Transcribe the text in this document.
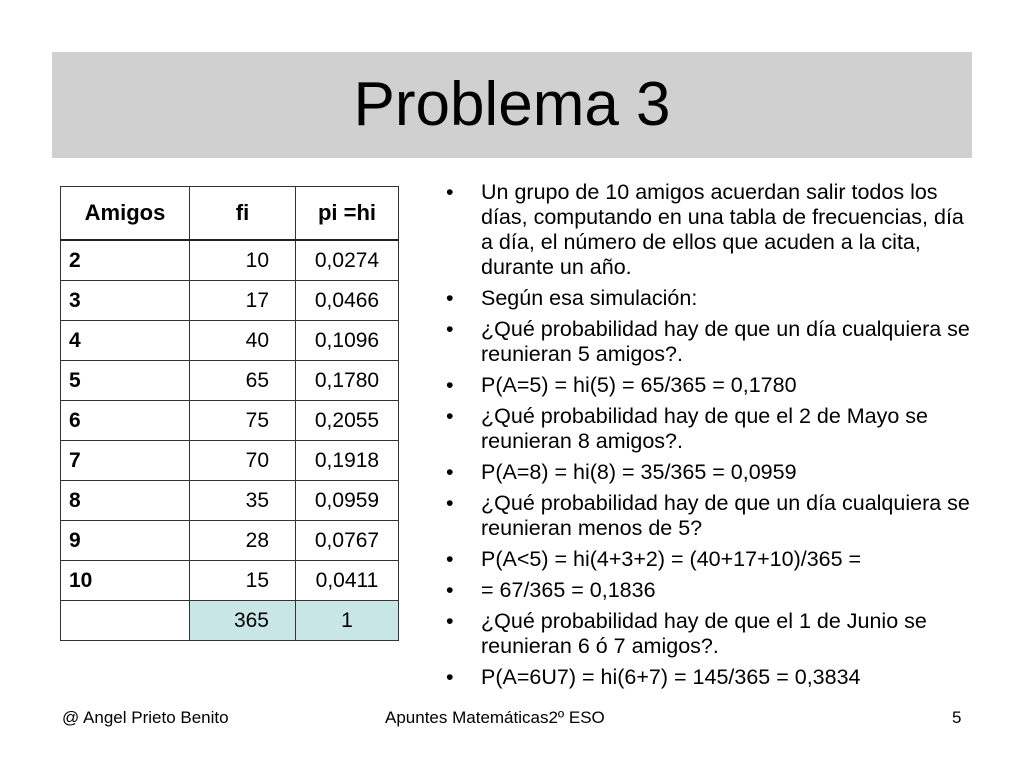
Problema 3
Amigos	fi	pi =hi
2	10	0,0274
3	17	0,0466
4	40	0,1096
5	65	0,1780
6	75	0,2055
7	70	0,1918
8	35	0,0959
9	28	0,0767
10	15	0,0411
	365	1
• Un grupo de 10 amigos acuerdan salir todos los días, computando en una tabla de frecuencias, día a día, el número de ellos que acuden a la cita, durante un año.
• Según esa simulación:
• ¿Qué probabilidad hay de que un día cualquiera se reunieran 5 amigos?.
• P(A=5) = hi(5) = 65/365 = 0,1780
• ¿Qué probabilidad hay de que el 2 de Mayo se reunieran 8 amigos?.
• P(A=8) = hi(8) = 35/365 = 0,0959
• ¿Qué probabilidad hay de que un día cualquiera se reunieran menos de 5?
• P(A<5) = hi(4+3+2) = (40+17+10)/365 =
• = 67/365 = 0,1836
• ¿Qué probabilidad hay de que el 1 de Junio se reunieran 6 ó 7 amigos?.
• P(A=6U7) = hi(6+7) = 145/365 = 0,3834
@ Angel Prieto Benito	Apuntes Matemáticas2º ESO	5
